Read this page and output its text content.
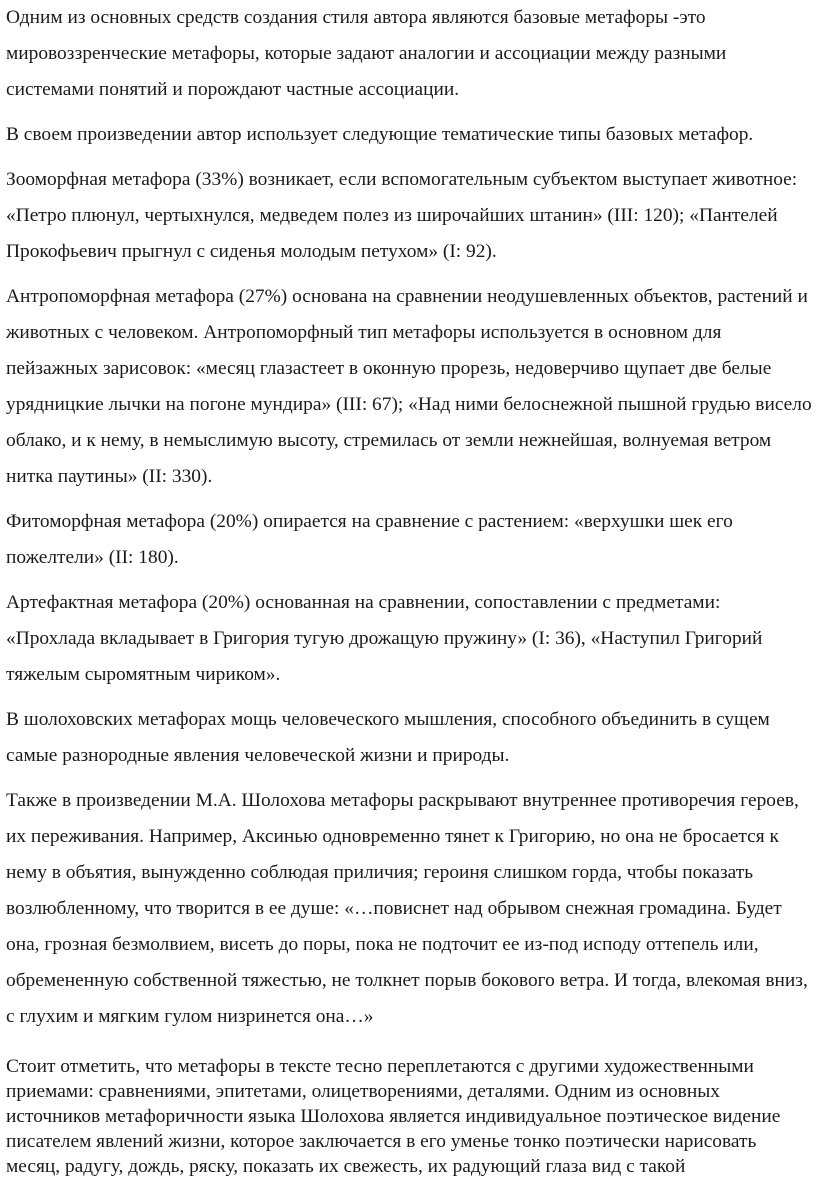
Одним из основных средств создания стиля автора являются базовые метафоры -это мировоззренческие метафоры, которые задают аналогии и ассоциации между разными системами понятий и порождают частные ассоциации.

В своем произведении автор использует следующие тематические типы базовых метафор.

Зооморфная метафора (33%) возникает, если вспомогательным субъектом выступает животное: «Петро плюнул, чертыхнулся, медведем полез из широчайших штанин» (III: 120); «Пантелей Прокофьевич прыгнул с сиденья молодым петухом» (I: 92).

Антропоморфная метафора (27%) основана на сравнении неодушевленных объектов, растений и животных с человеком. Антропоморфный тип метафоры используется в основном для пейзажных зарисовок: «месяц глазастеет в оконную прорезь, недоверчиво щупает две белые урядницкие лычки на погоне мундира» (III: 67); «Над ними белоснежной пышной грудью висело облако, и к нему, в немыслимую высоту, стремилась от земли нежнейшая, волнуемая ветром нитка паутины» (II: 330).

Фитоморфная метафора (20%) опирается на сравнение с растением: «верхушки шек его пожелтели» (II: 180).

Артефактная метафора (20%) основанная на сравнении, сопоставлении с предметами: «Прохлада вкладывает в Григория тугую дрожащую пружину» (I: 36), «Наступил Григорий тяжелым сыромятным чириком».

В шолоховских метафорах мощь человеческого мышления, способного объединить в сущем самые разнородные явления человеческой жизни и природы.

Также в произведении М.А. Шолохова метафоры раскрывают внутреннее противоречия героев, их переживания. Например, Аксинью одновременно тянет к Григорию, но она не бросается к нему в объятия, вынужденно соблюдая приличия; героиня слишком горда, чтобы показать возлюбленному, что творится в ее душе: «…повиснет над обрывом снежная громадина. Будет она, грозная безмолвием, висеть до поры, пока не подточит ее из-под исподу оттепель или, обремененную собственной тяжестью, не толкнет порыв бокового ветра. И тогда, влекомая вниз, с глухим и мягким гулом низринется она…»

Стоит отметить, что метафоры в тексте тесно переплетаются с другими художественными приемами: сравнениями, эпитетами, олицетворениями, деталями. Одним из основных источников метафоричности языка Шолохова является индивидуальное поэтическое видение писателем явлений жизни, которое заключается в его уменье тонко поэтически нарисовать месяц, радугу, дождь, ряску, показать их свежесть, их радующий глаза вид с такой
